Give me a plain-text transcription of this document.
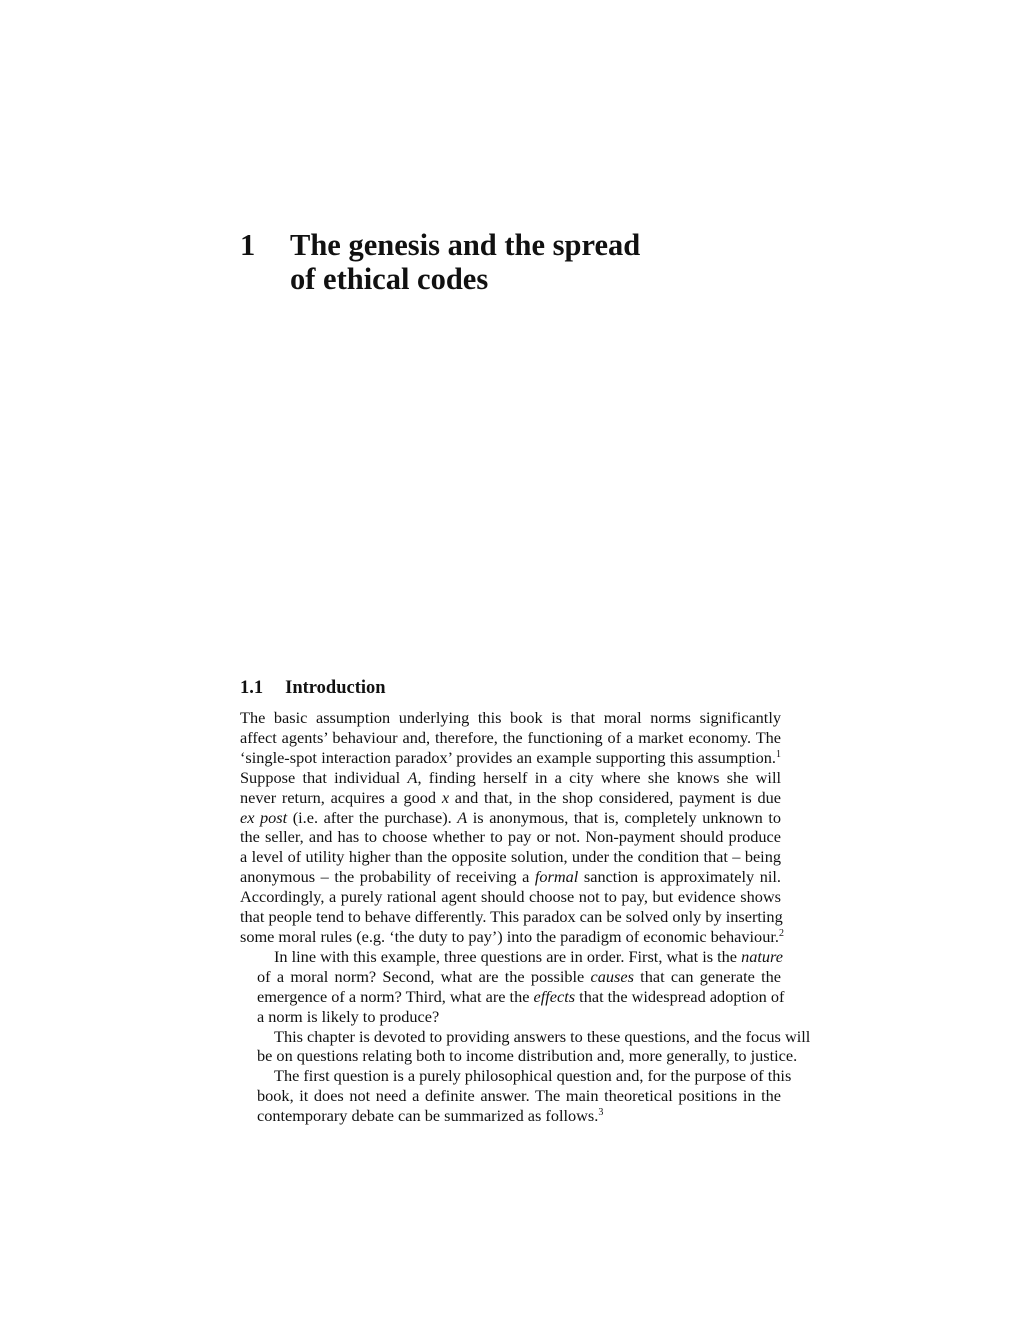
1 The genesis and the spread
of ethical codes
1.1 Introduction

The basic assumption underlying this book is that moral norms significantly
affect agents’ behaviour and, therefore, the functioning of a market economy. The
‘single-spot interaction paradox’ provides an example supporting this assumption.$^1$
Suppose that individual A, finding herself in a city where she knows she will
never return, acquires a good x and that, in the shop considered, payment is due
ex post (i.e. after the purchase). A is anonymous, that is, completely unknown to
the seller, and has to choose whether to pay or not. Non-payment should produce
a level of utility higher than the opposite solution, under the condition that – being
anonymous – the probability of receiving a formal sanction is approximately nil.
Accordingly, a purely rational agent should choose not to pay, but evidence shows
that people tend to behave differently. This paradox can be solved only by inserting
some moral rules (e.g. ‘the duty to pay’) into the paradigm of economic behaviour.$^2$

In line with this example, three questions are in order. First, what is the nature
of a moral norm? Second, what are the possible causes that can generate the
emergence of a norm? Third, what are the effects that the widespread adoption of
a norm is likely to produce?

This chapter is devoted to providing answers to these questions, and the focus will
be on questions relating both to income distribution and, more generally, to justice.

The first question is a purely philosophical question and, for the purpose of this
book, it does not need a definite answer. The main theoretical positions in the
contemporary debate can be summarized as follows.$^3$
